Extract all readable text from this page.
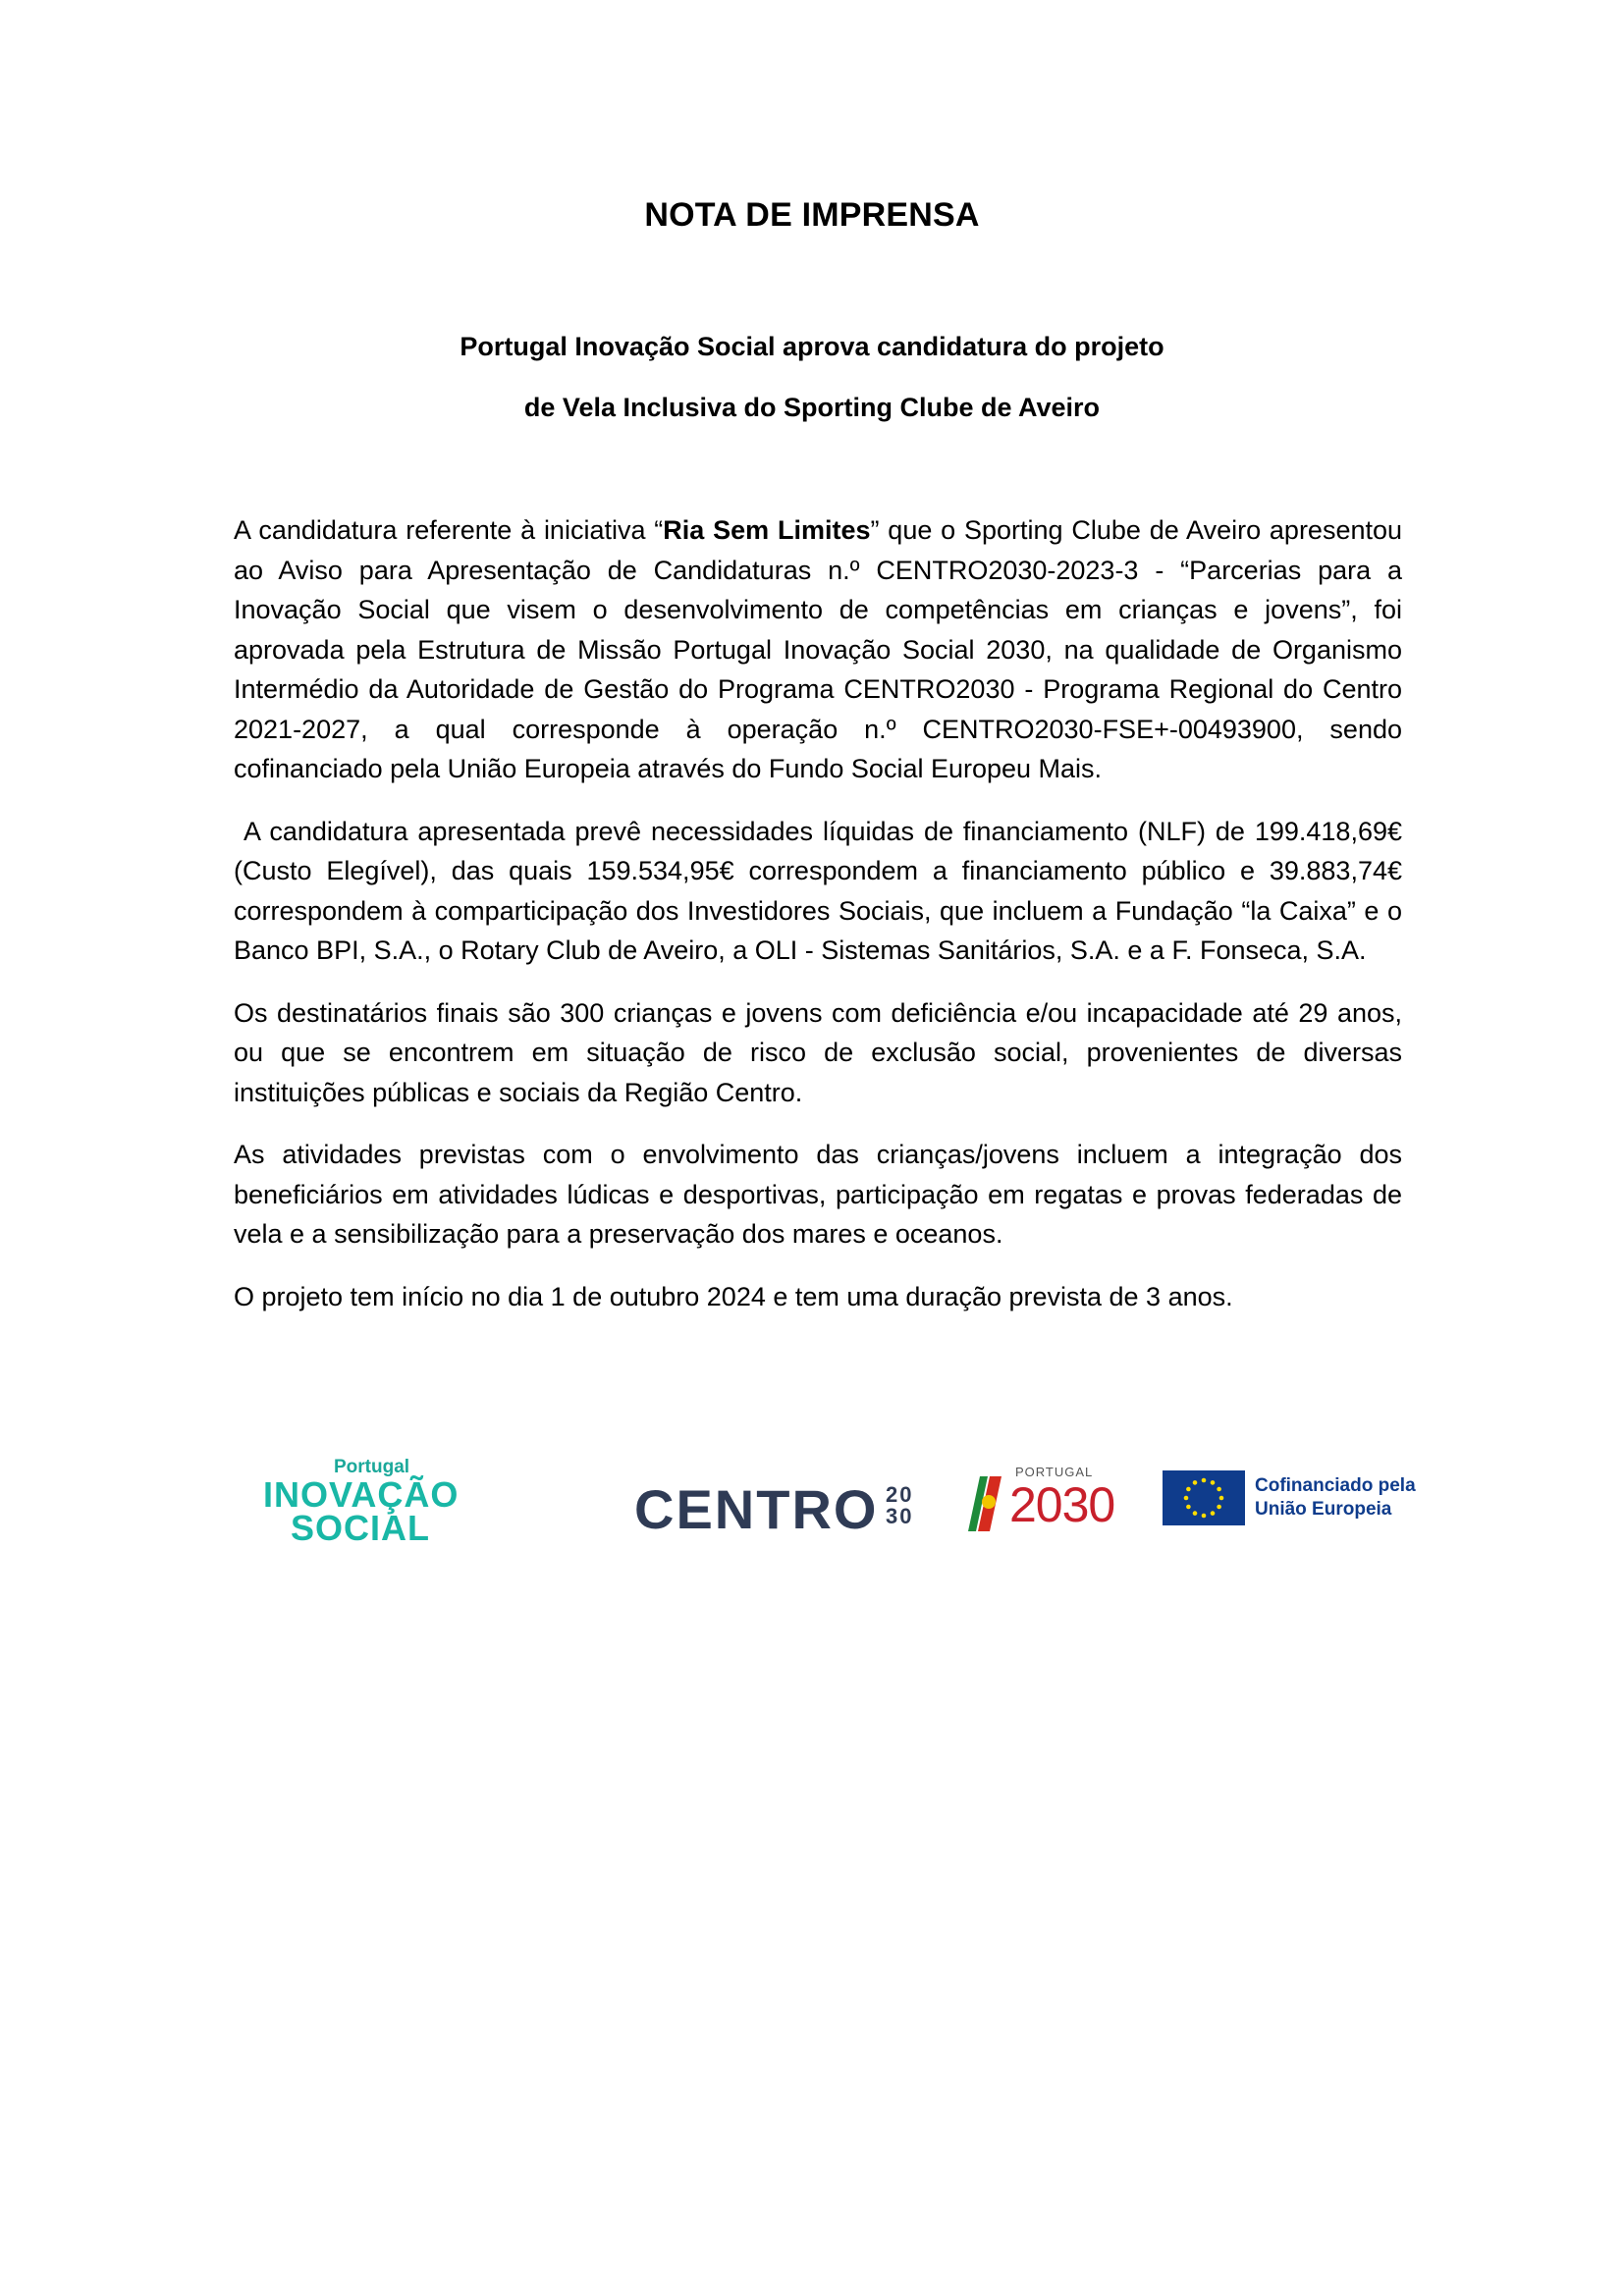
NOTA DE IMPRENSA
Portugal Inovação Social aprova candidatura do projeto
de Vela Inclusiva do Sporting Clube de Aveiro

A candidatura referente à iniciativa “Ria Sem Limites” que o Sporting Clube de Aveiro apresentou ao Aviso para Apresentação de Candidaturas n.º CENTRO2030-2023-3 - “Parcerias para a Inovação Social que visem o desenvolvimento de competências em crianças e jovens”, foi aprovada pela Estrutura de Missão Portugal Inovação Social 2030, na qualidade de Organismo Intermédio da Autoridade de Gestão do Programa CENTRO2030 - Programa Regional do Centro 2021-2027, a qual corresponde à operação n.º CENTRO2030-FSE+-00493900, sendo cofinanciado pela União Europeia através do Fundo Social Europeu Mais.

A candidatura apresentada prevê necessidades líquidas de financiamento (NLF) de 199.418,69€ (Custo Elegível), das quais 159.534,95€ correspondem a financiamento público e 39.883,74€ correspondem à comparticipação dos Investidores Sociais, que incluem a Fundação “la Caixa” e o Banco BPI, S.A., o Rotary Club de Aveiro, a OLI - Sistemas Sanitários, S.A. e a F. Fonseca, S.A.

Os destinatários finais são 300 crianças e jovens com deficiência e/ou incapacidade até 29 anos, ou que se encontrem em situação de risco de exclusão social, provenientes de diversas instituições públicas e sociais da Região Centro.

As atividades previstas com o envolvimento das crianças/jovens incluem a integração dos beneficiários em atividades lúdicas e desportivas, participação em regatas e provas federadas de vela e a sensibilização para a preservação dos mares e oceanos.

O projeto tem início no dia 1 de outubro 2024 e tem uma duração prevista de 3 anos.

Portugal
INOVAÇÃO
SOCIAL	CENTRO 20
30
PORTUGAL
2030	Cofinanciado pela
União Europeia
